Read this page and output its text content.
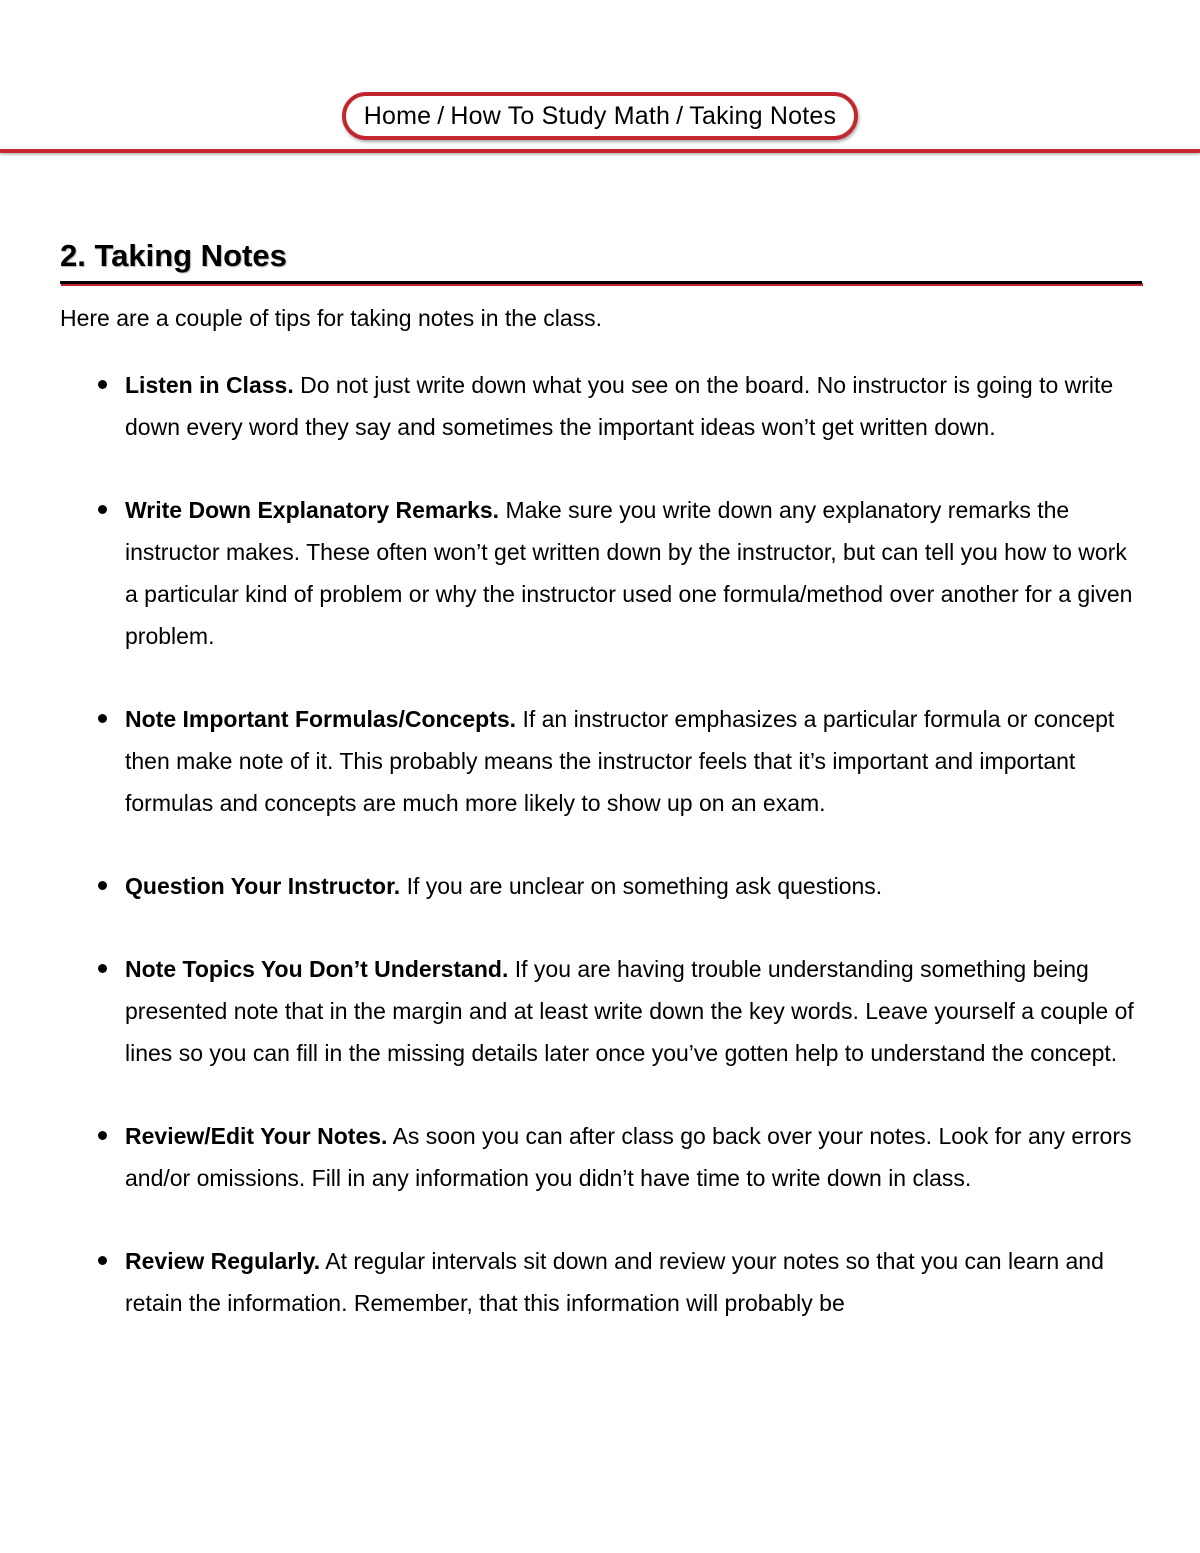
Home / How To Study Math / Taking Notes
2. Taking Notes

Here are a couple of tips for taking notes in the class.

Listen in Class. Do not just write down what you see on the board. No instructor is going to write down every word they say and sometimes the important ideas won’t get written down.
Write Down Explanatory Remarks. Make sure you write down any explanatory remarks the instructor makes. These often won’t get written down by the instructor, but can tell you how to work a particular kind of problem or why the instructor used one formula/method over another for a given problem.
Note Important Formulas/Concepts. If an instructor emphasizes a particular formula or concept then make note of it. This probably means the instructor feels that it’s important and important formulas and concepts are much more likely to show up on an exam.
Question Your Instructor. If you are unclear on something ask questions.
Note Topics You Don’t Understand. If you are having trouble understanding something being presented note that in the margin and at least write down the key words. Leave yourself a couple of lines so you can fill in the missing details later once you’ve gotten help to understand the concept.
Review/Edit Your Notes. As soon you can after class go back over your notes. Look for any errors and/or omissions. Fill in any information you didn’t have time to write down in class.
Review Regularly. At regular intervals sit down and review your notes so that you can learn and retain the information. Remember, that this information will probably be
